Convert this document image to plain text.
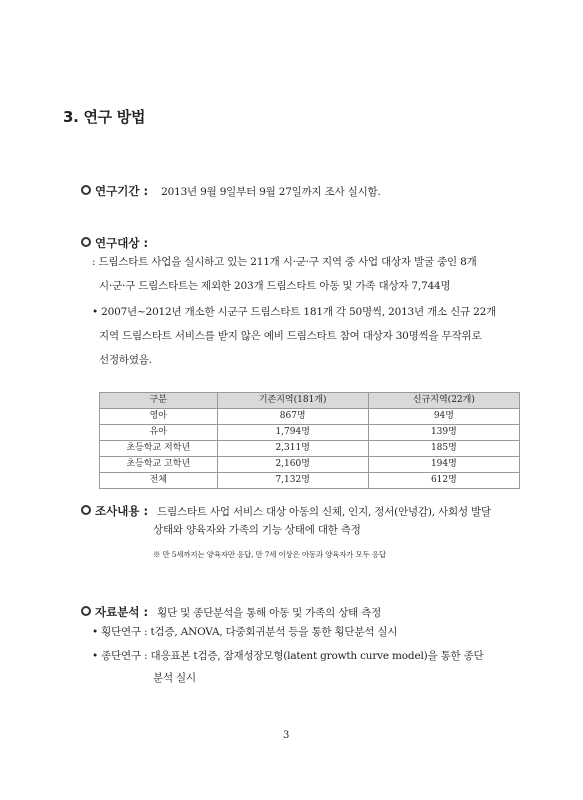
3. 연구 방법
연구기간 : 2013년 9월 9일부터 9월 27일까지 조사 실시함.
연구대상 :
: 드림스타트 사업을 실시하고 있는 211개 시·군·구 지역 중 사업 대상자 발굴 중인 8개
시·군·구 드림스타트는 제외한 203개 드림스타트 아동 및 가족 대상자 7,744명
• 2007년~2012년 개소한 시군구 드림스타트 181개 각 50명씩, 2013년 개소 신규 22개
지역 드림스타트 서비스를 받지 않은 예비 드림스타트 참여 대상자 30명씩을 무작위로
선정하였음.
구분	기존지역(181개)	신규지역(22개)
영아	867명	94명
유아	1,794명	139명
초등학교 저학년	2,311명	185명
초등학교 고학년	2,160명	194명
전체	7,132명	612명
조사내용 : 드림스타트 사업 서비스 대상 아동의 신체, 인지, 정서(안녕감), 사회성 발달
상태와 양육자와 가족의 기능 상태에 대한 측정
※ 만 5세까지는 양육자만 응답, 만 7세 이상은 아동과 양육자가 모두 응답
자료분석 : 횡단 및 종단분석을 통해 아동 및 가족의 상태 측정
• 횡단연구 : t검증, ANOVA, 다중회귀분석 등을 통한 횡단분석 실시
• 종단연구 : 대응표본 t검증, 잠재성장모형(latent growth curve model)을 통한 종단
분석 실시
3
